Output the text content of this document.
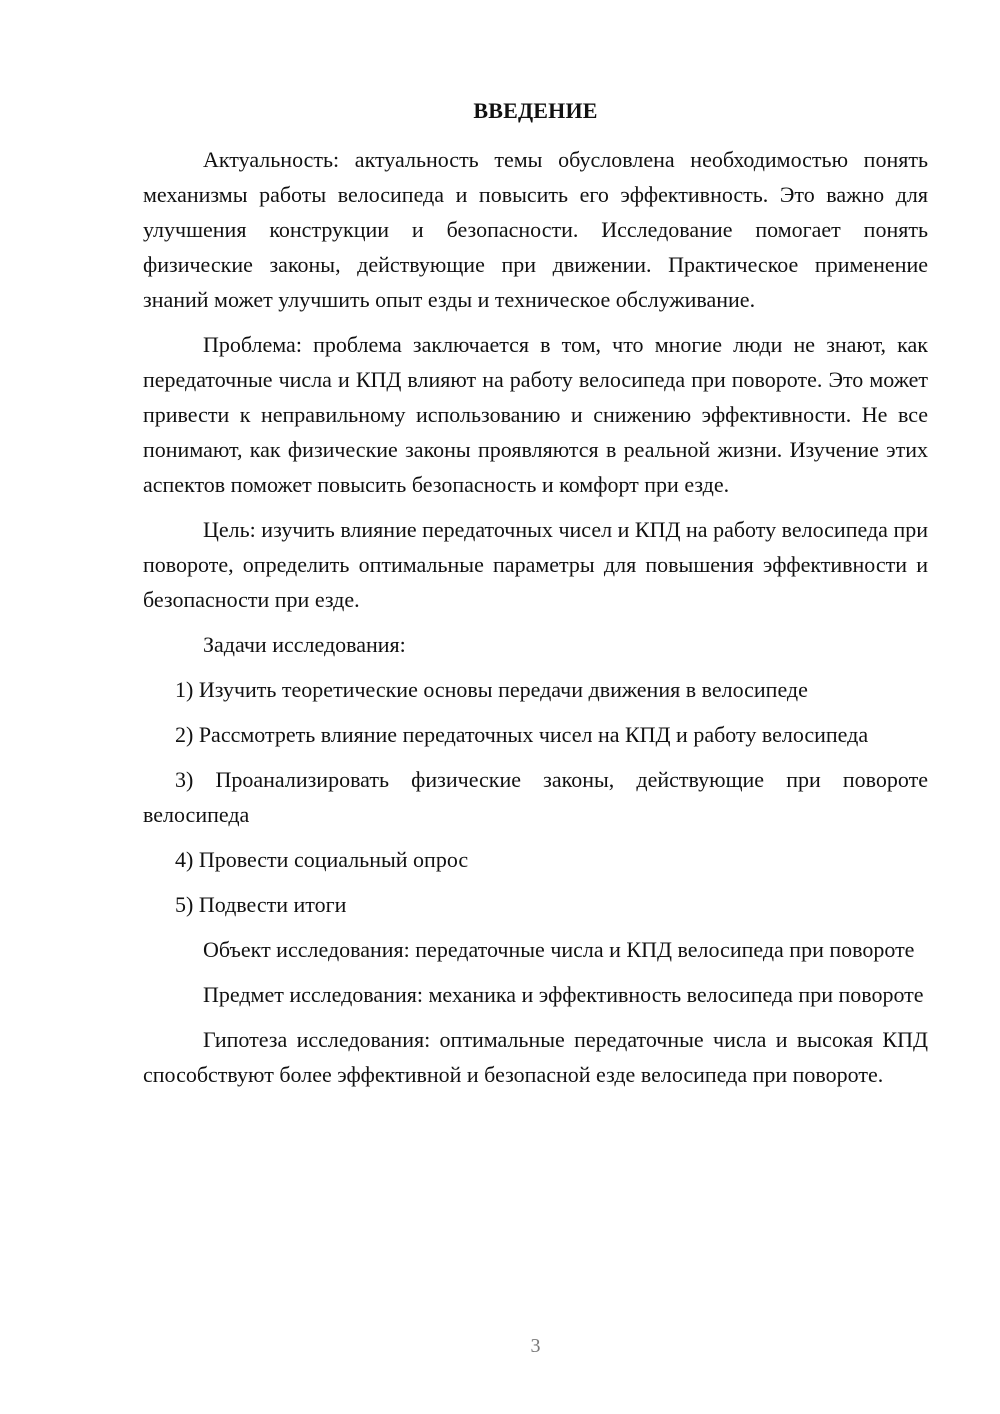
ВВЕДЕНИЕ

Актуальность: актуальность темы обусловлена необходимостью понять механизмы работы велосипеда и повысить его эффективность. Это важно для улучшения конструкции и безопасности. Исследование помогает понять физические законы, действующие при движении. Практическое применение знаний может улучшить опыт езды и техническое обслуживание.

Проблема: проблема заключается в том, что многие люди не знают, как передаточные числа и КПД влияют на работу велосипеда при повороте. Это может привести к неправильному использованию и снижению эффективности. Не все понимают, как физические законы проявляются в реальной жизни. Изучение этих аспектов поможет повысить безопасность и комфорт при езде.

Цель: изучить влияние передаточных чисел и КПД на работу велосипеда при повороте, определить оптимальные параметры для повышения эффективности и безопасности при езде.

Задачи исследования:

1) Изучить теоретические основы передачи движения в велосипеде

2) Рассмотреть влияние передаточных чисел на КПД и работу велосипеда

3) Проанализировать физические законы, действующие при повороте велосипеда

4) Провести социальный опрос

5) Подвести итоги

Объект исследования: передаточные числа и КПД велосипеда при повороте

Предмет исследования: механика и эффективность велосипеда при повороте

Гипотеза исследования: оптимальные передаточные числа и высокая КПД способствуют более эффективной и безопасной езде велосипеда при повороте.

3
